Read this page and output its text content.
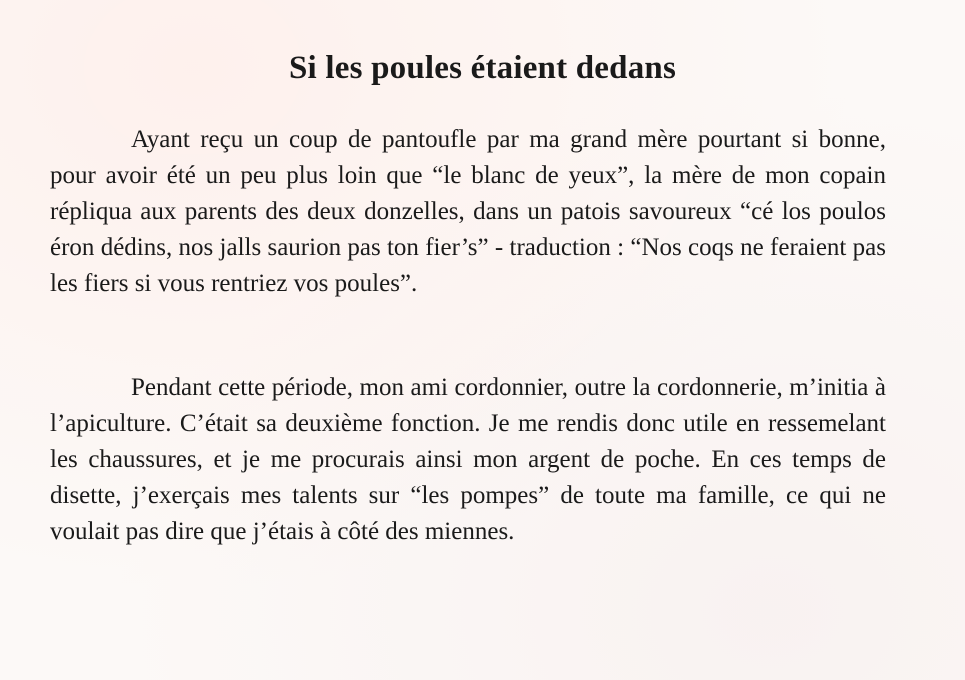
Si les poules étaient dedans

Ayant reçu un coup de pantoufle par ma grand mère pourtant si bonne, pour avoir été un peu plus loin que “le blanc de yeux”, la mère de mon copain répliqua aux parents des deux donzelles, dans un patois savoureux “cé los poulos éron dédins, nos jalls saurion pas ton fier’s” - traduction : “Nos coqs ne feraient pas les fiers si vous rentriez vos poules”.

Pendant cette période, mon ami cordonnier, outre la cordonnerie, m’initia à l’apiculture. C’était sa deuxième fonction. Je me rendis donc utile en ressemelant les chaussures, et je me procurais ainsi mon argent de poche. En ces temps de disette, j’exerçais mes talents sur “les pompes” de toute ma famille, ce qui ne voulait pas dire que j’étais à côté des miennes.
